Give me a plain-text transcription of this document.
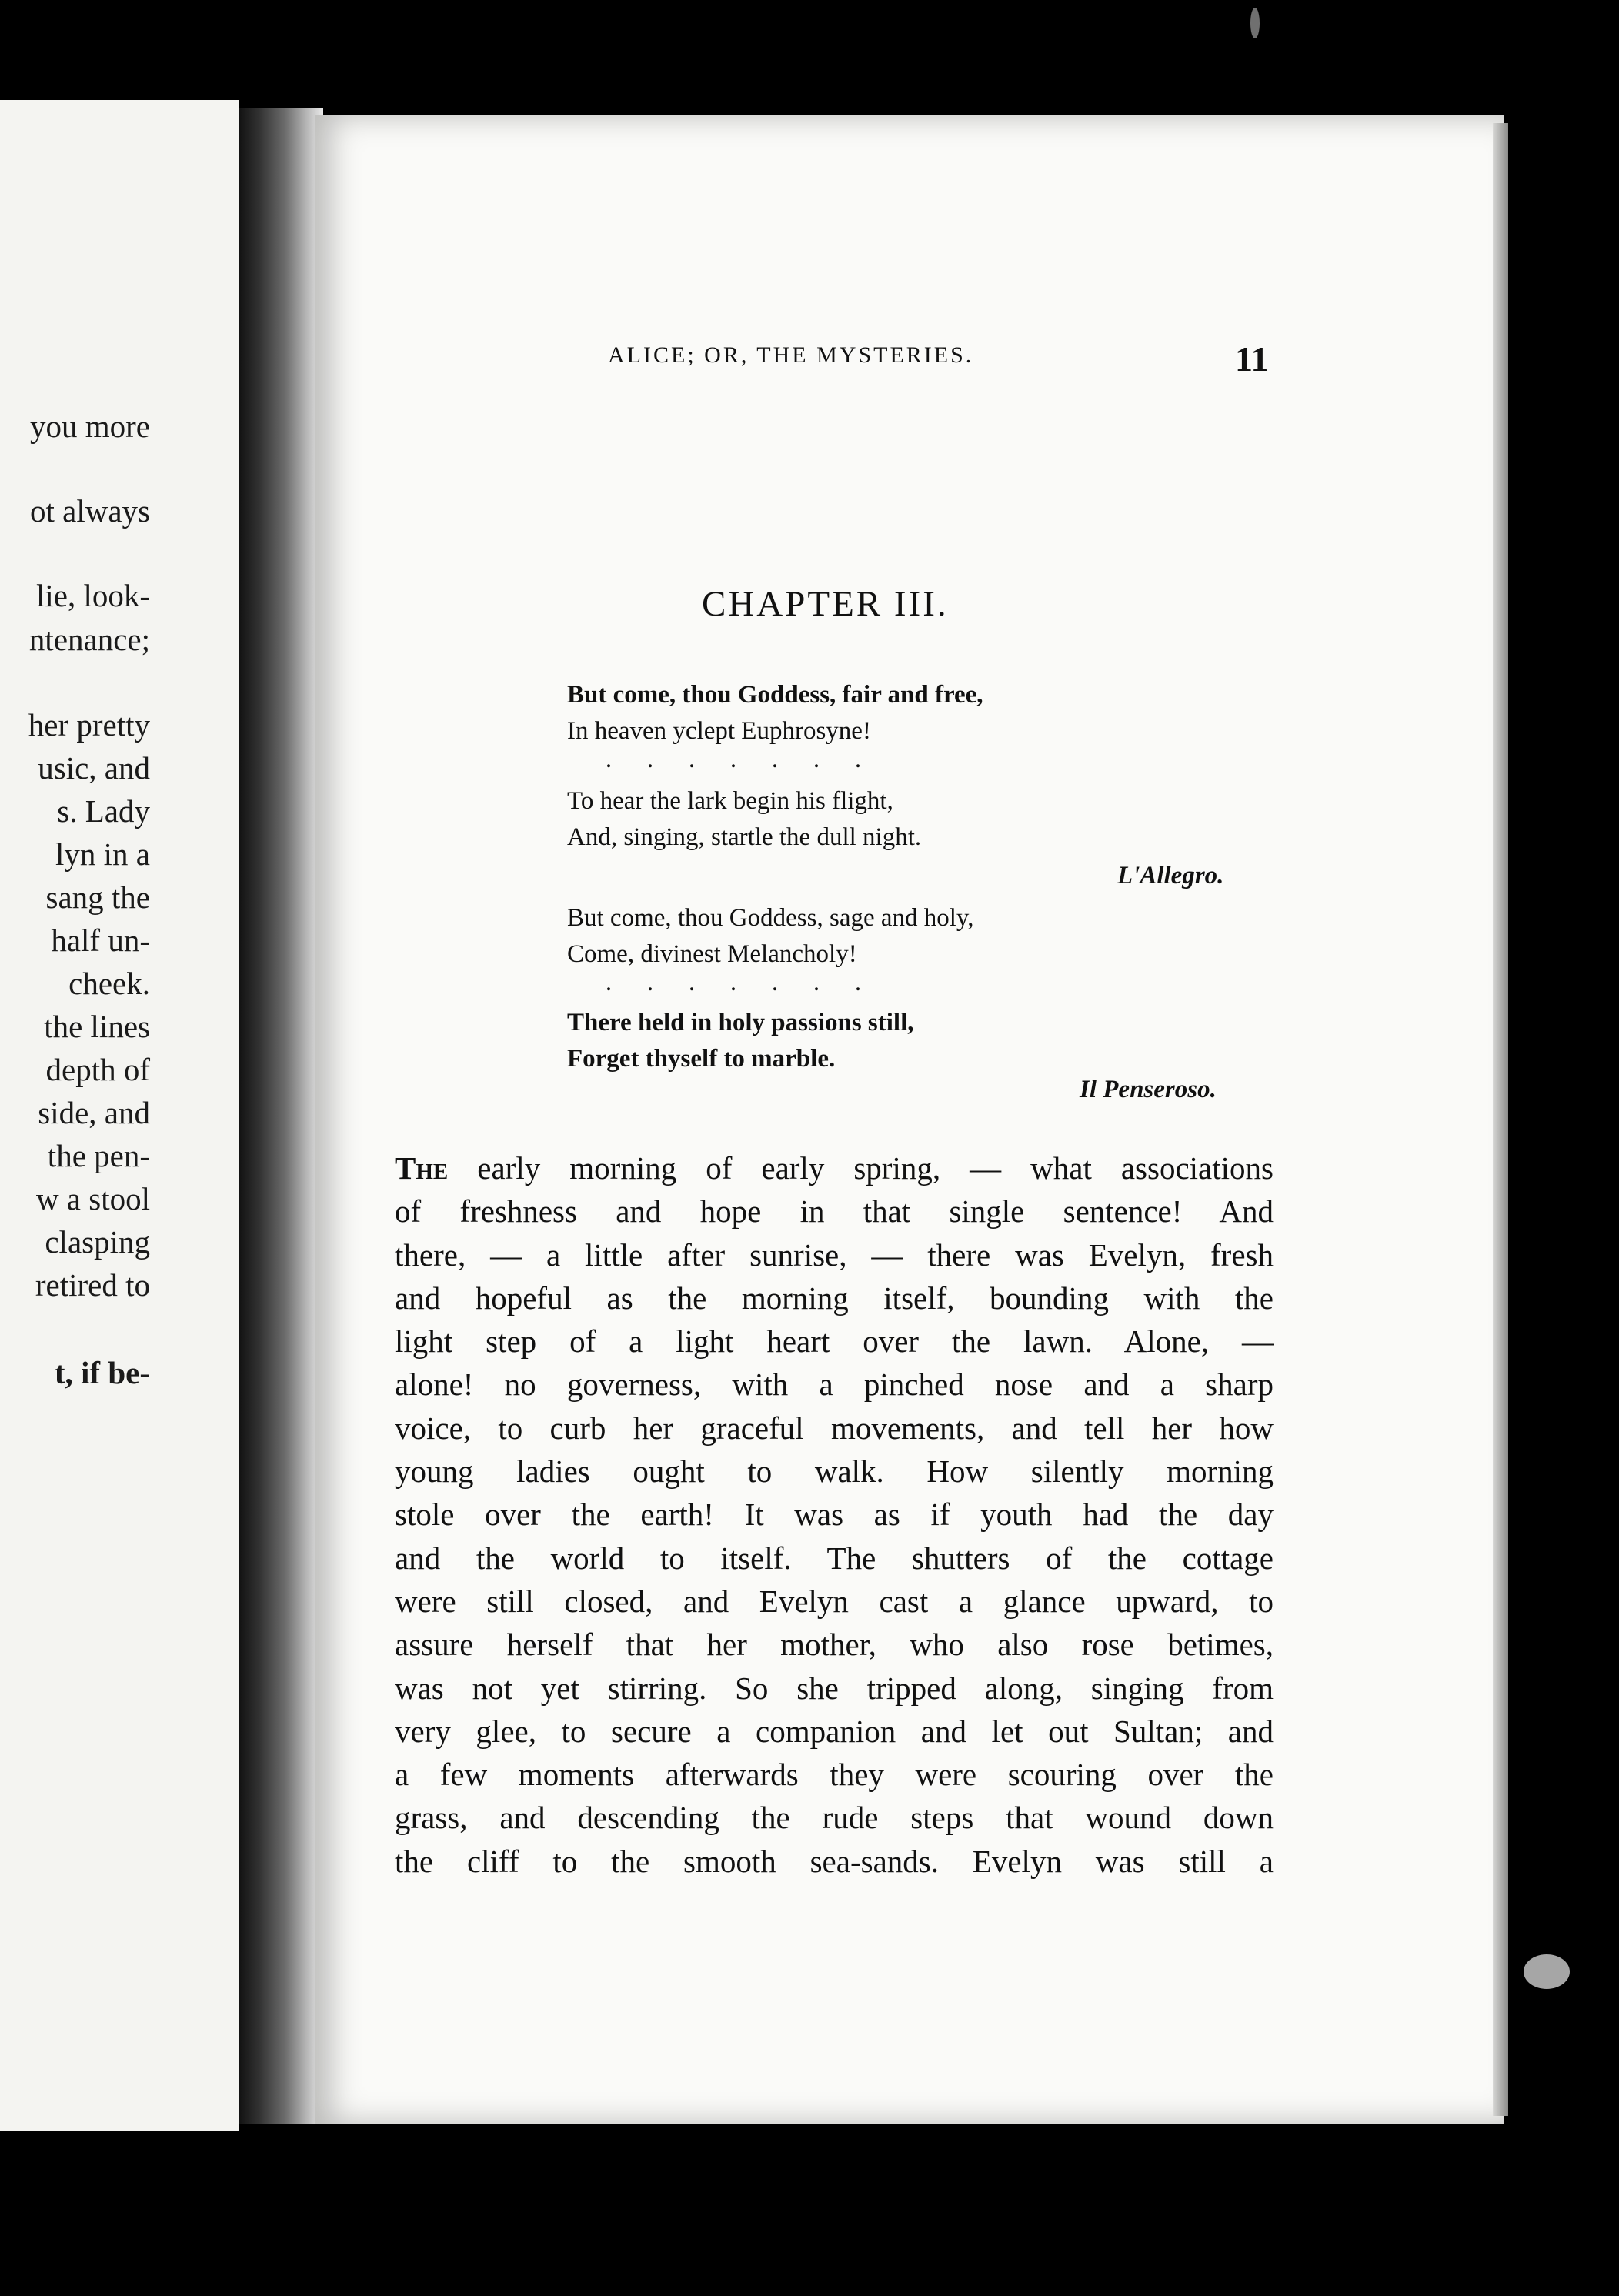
you more
ot always
lie, look-
ntenance;
her pretty
usic, and
s. Lady
lyn in a
sang the
half un-
cheek.
the lines
depth of
side, and
the pen-
w a stool
clasping
retired to
t, if be-
ALICE; OR, THE MYSTERIES.	11
CHAPTER III.
But come, thou Goddess, fair and free,
In heaven yclept Euphrosyne!
. . . . . . .
To hear the lark begin his flight,
And, singing, startle the dull night.
L'Allegro.
But come, thou Goddess, sage and holy,
Come, divinest Melancholy!
. . . . . . .
There held in holy passions still,
Forget thyself to marble.
Il Penseroso.
The early morning of early spring, — what associations
of freshness and hope in that single sentence! And
there, — a little after sunrise, — there was Evelyn, fresh
and hopeful as the morning itself, bounding with the
light step of a light heart over the lawn. Alone, —
alone! no governess, with a pinched nose and a sharp
voice, to curb her graceful movements, and tell her how
young ladies ought to walk. How silently morning
stole over the earth! It was as if youth had the day
and the world to itself. The shutters of the cottage
were still closed, and Evelyn cast a glance upward, to
assure herself that her mother, who also rose betimes,
was not yet stirring. So she tripped along, singing from
very glee, to secure a companion and let out Sultan; and
a few moments afterwards they were scouring over the
grass, and descending the rude steps that wound down
the cliff to the smooth sea-sands. Evelyn was still a
